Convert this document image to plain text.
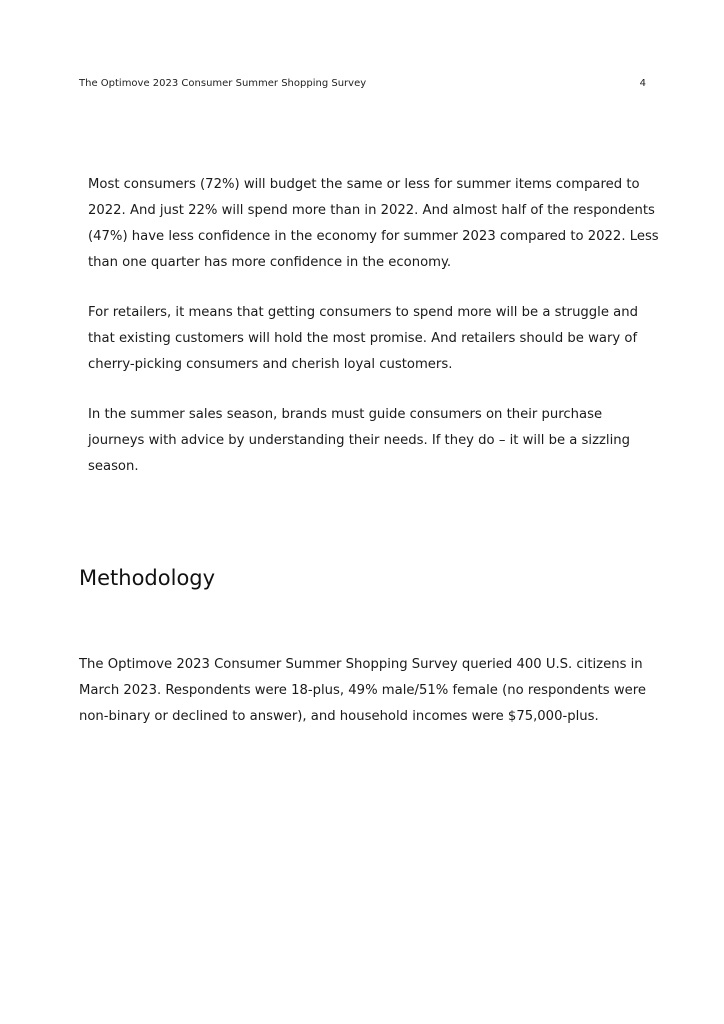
The Optimove 2023 Consumer Summer Shopping Survey	4

Most consumers (72%) will budget the same or less for summer items compared to 2022. And just 22% will spend more than in 2022. And almost half of the respondents (47%) have less confidence in the economy for summer 2023 compared to 2022. Less than one quarter has more confidence in the economy.

For retailers, it means that getting consumers to spend more will be a struggle and that existing customers will hold the most promise. And retailers should be wary of cherry-picking consumers and cherish loyal customers.

In the summer sales season, brands must guide consumers on their purchase journeys with advice by understanding their needs. If they do – it will be a sizzling season.

Methodology

The Optimove 2023 Consumer Summer Shopping Survey queried 400 U.S. citizens in March 2023. Respondents were 18-plus, 49% male/51% female (no respondents were non-binary or declined to answer), and household incomes were $75,000-plus.
